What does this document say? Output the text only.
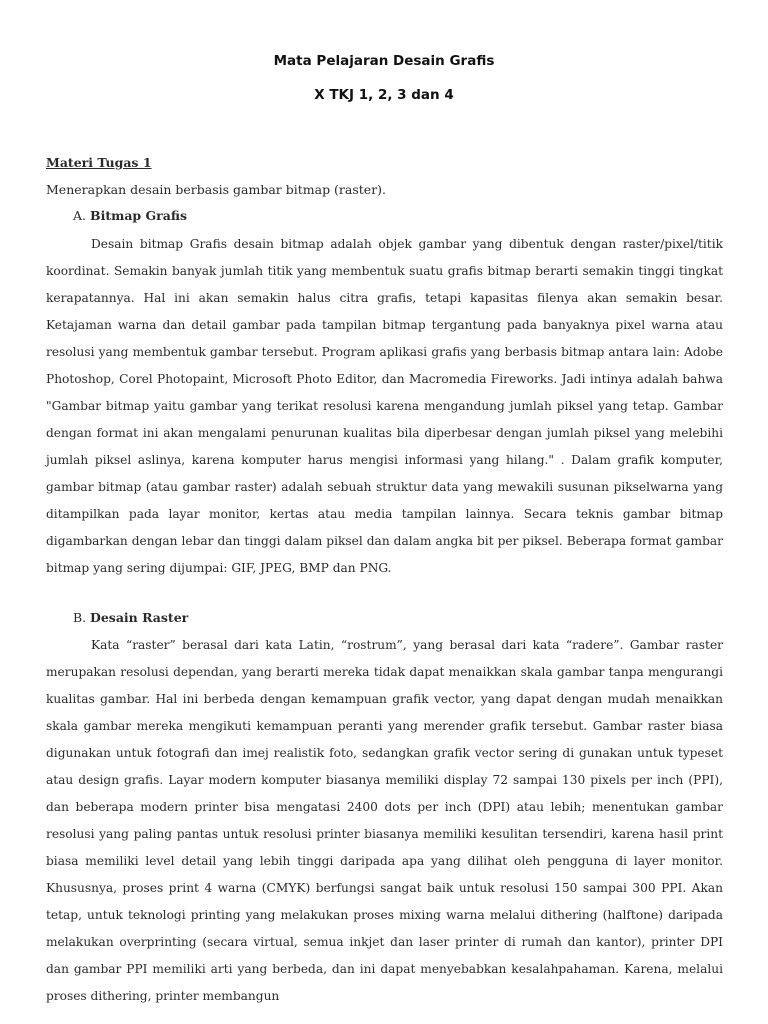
Mata Pelajaran Desain Grafis
X TKJ 1, 2, 3 dan 4
Materi Tugas 1
Menerapkan desain berbasis gambar bitmap (raster).
A. Bitmap Grafis

Desain bitmap Grafis desain bitmap adalah objek gambar yang dibentuk dengan raster/pixel/titik koordinat. Semakin banyak jumlah titik yang membentuk suatu grafis bitmap berarti semakin tinggi tingkat kerapatannya. Hal ini akan semakin halus citra grafis, tetapi kapasitas filenya akan semakin besar. Ketajaman warna dan detail gambar pada tampilan bitmap tergantung pada banyaknya pixel warna atau resolusi yang membentuk gambar tersebut. Program aplikasi grafis yang berbasis bitmap antara lain: Adobe Photoshop, Corel Photopaint, Microsoft Photo Editor, dan Macromedia Fireworks. Jadi intinya adalah bahwa "Gambar bitmap yaitu gambar yang terikat resolusi karena mengandung jumlah piksel yang tetap. Gambar dengan format ini akan mengalami penurunan kualitas bila diperbesar dengan jumlah piksel yang melebihi jumlah piksel aslinya, karena komputer harus mengisi informasi yang hilang." . Dalam grafik komputer, gambar bitmap (atau gambar raster) adalah sebuah struktur data yang mewakili susunan pikselwarna yang ditampilkan pada layar monitor, kertas atau media tampilan lainnya. Secara teknis gambar bitmap digambarkan dengan lebar dan tinggi dalam piksel dan dalam angka bit per piksel. Beberapa format gambar bitmap yang sering dijumpai: GIF, JPEG, BMP dan PNG.

B. Desain Raster

Kata “raster” berasal dari kata Latin, “rostrum”, yang berasal dari kata “radere”. Gambar raster merupakan resolusi dependan, yang berarti mereka tidak dapat menaikkan skala gambar tanpa mengurangi kualitas gambar. Hal ini berbeda dengan kemampuan grafik vector, yang dapat dengan mudah menaikkan skala gambar mereka mengikuti kemampuan peranti yang merender grafik tersebut. Gambar raster biasa digunakan untuk fotografi dan imej realistik foto, sedangkan grafik vector sering di gunakan untuk typeset atau design grafis. Layar modern komputer biasanya memiliki display 72 sampai 130 pixels per inch (PPI), dan beberapa modern printer bisa mengatasi 2400 dots per inch (DPI) atau lebih; menentukan gambar resolusi yang paling pantas untuk resolusi printer biasanya memiliki kesulitan tersendiri, karena hasil print biasa memiliki level detail yang lebih tinggi daripada apa yang dilihat oleh pengguna di layer monitor. Khususnya, proses print 4 warna (CMYK) berfungsi sangat baik untuk resolusi 150 sampai 300 PPI. Akan tetap, untuk teknologi printing yang melakukan proses mixing warna melalui dithering (halftone) daripada melakukan overprinting (secara virtual, semua inkjet dan laser printer di rumah dan kantor), printer DPI dan gambar PPI memiliki arti yang berbeda, dan ini dapat menyebabkan kesalahpahaman. Karena, melalui proses dithering, printer membangun
